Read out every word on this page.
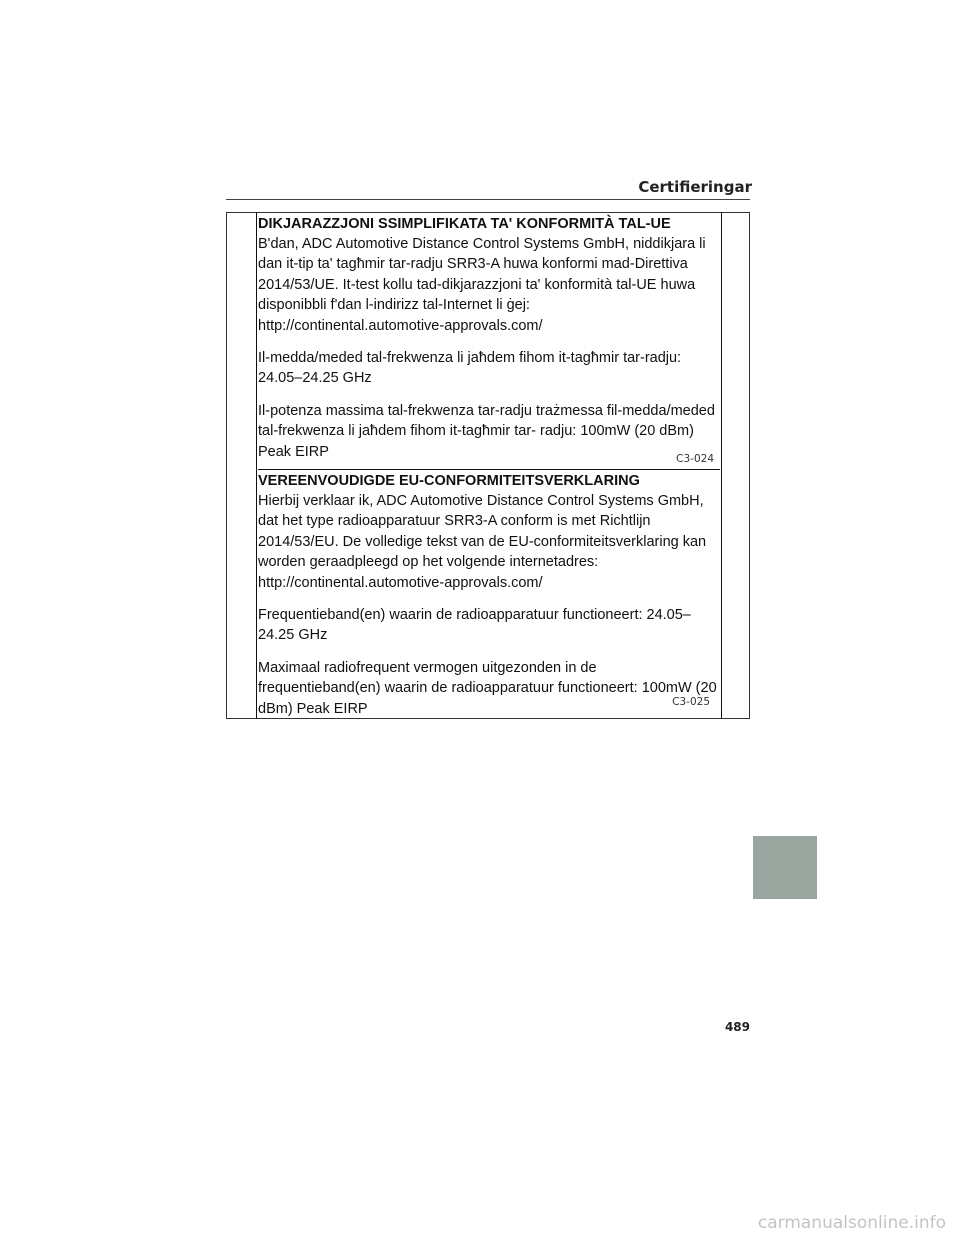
Certifieringar
DIKJARAZZJONI SSIMPLIFIKATA TA' KONFORMITÀ TAL-UE

B'dan, ADC Automotive Distance Control Systems GmbH, niddikjara li dan it-tip ta' tagħmir tar-radju SRR3-A huwa konformi mad-Direttiva 2014/53/UE. It-test kollu tad-dikjarazzjoni ta' konformità tal-UE huwa disponibbli f'dan l-indirizz tal-Internet li ġej:

http://continental.automotive-approvals.com/

Il-medda/meded tal-frekwenza li jaħdem fihom it-tagħmir tar-radju: 24.05–24.25 GHz

Il-potenza massima tal-frekwenza tar-radju trażmessa fil-medda/meded tal-frekwenza li jaħdem fihom it-tagħmir tar- radju: 100mW (20 dBm) Peak EIRP	C3-024
VEREENVOUDIGDE EU-CONFORMITEITSVERKLARING

Hierbij verklaar ik, ADC Automotive Distance Control Systems GmbH, dat het type radioapparatuur SRR3-A conform is met Richtlijn 2014/53/EU. De volledige tekst van de EU-conformiteitsverklaring kan worden geraadpleegd op het volgende internetadres:

http://continental.automotive-approvals.com/

Frequentieband(en) waarin de radioapparatuur functioneert: 24.05–24.25 GHz

Maximaal radiofrequent vermogen uitgezonden in de frequentieband(en) waarin de radioapparatuur functioneert: 100mW (20 dBm) Peak EIRP	C3-025

489

carmanualsonline.info
